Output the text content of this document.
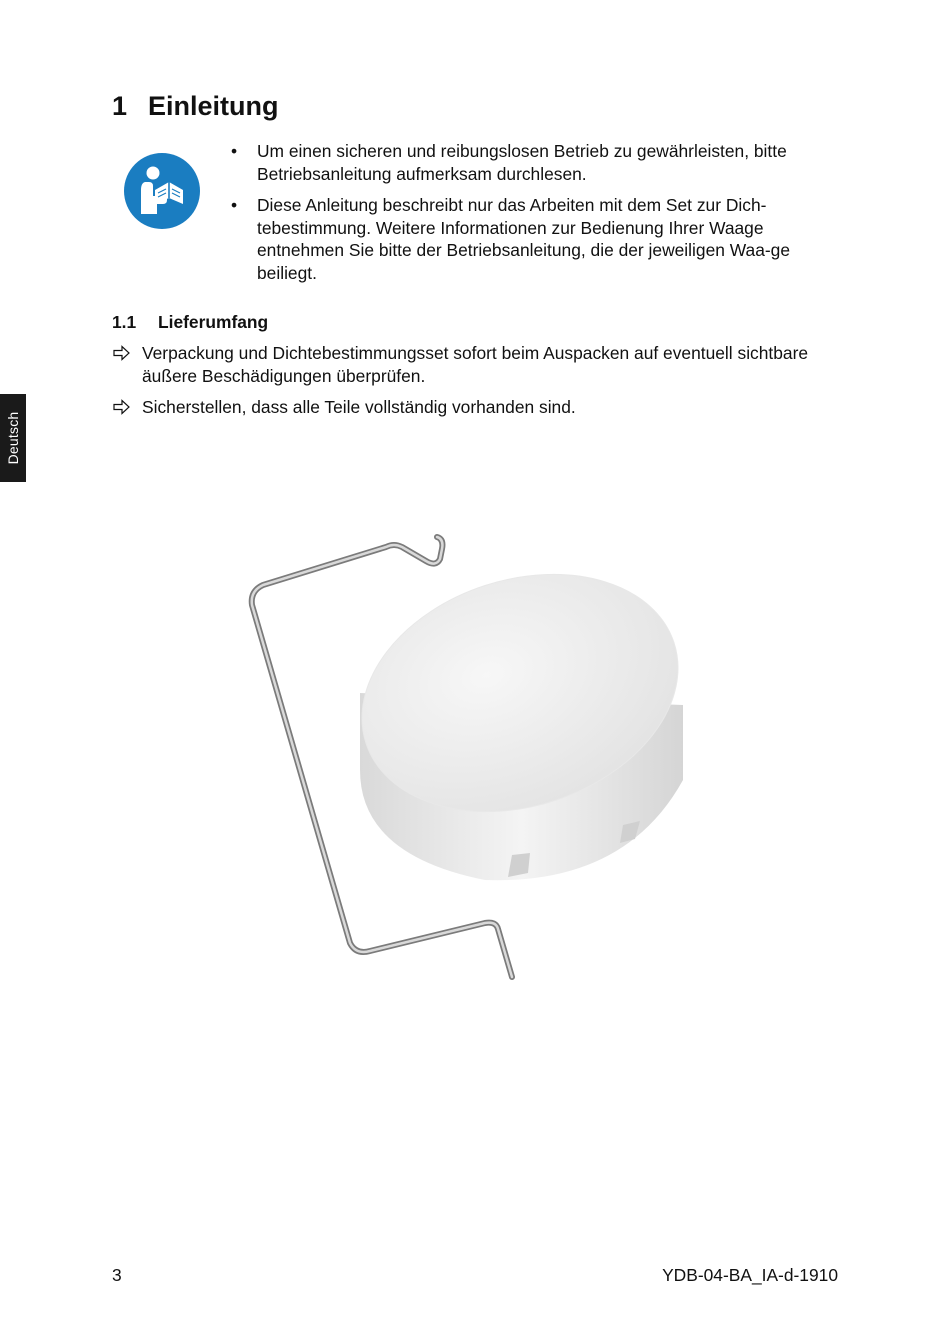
Deutsch
1 Einleitung
• Um einen sicheren und reibungslosen Betrieb zu gewährleisten, bitte Betriebsanleitung aufmerksam durchlesen.
• Diese Anleitung beschreibt nur das Arbeiten mit dem Set zur Dich-tebestimmung. Weitere Informationen zur Bedienung Ihrer Waage entnehmen Sie bitte der Betriebsanleitung, die der jeweiligen Waa-ge beiliegt.
1.1 Lieferumfang
Verpackung und Dichtebestimmungsset sofort beim Auspacken auf eventuell sichtbare äußere Beschädigungen überprüfen.
Sicherstellen, dass alle Teile vollständig vorhanden sind.

3	YDB-04-BA_IA-d-1910
